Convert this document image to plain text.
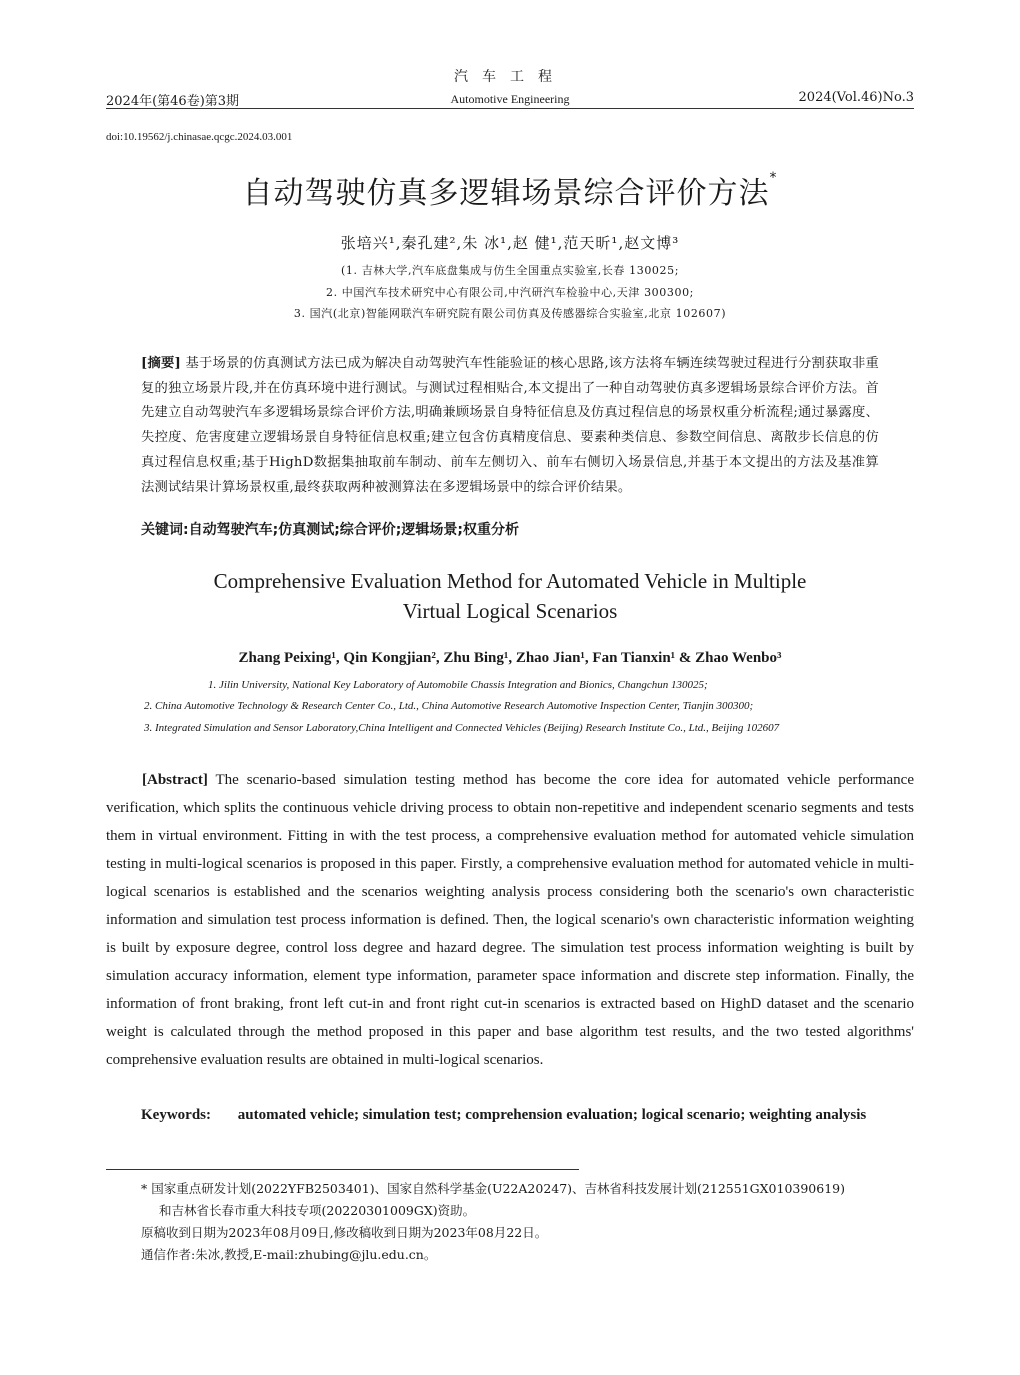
汽车工程
2024年(第46卷)第3期	Automotive Engineering	2024(Vol.46)No.3
doi:10.19562/j.chinasae.qcgc.2024.03.001
自动驾驶仿真多逻辑场景综合评价方法*
张培兴¹,秦孔建²,朱 冰¹,赵 健¹,范天昕¹,赵文博³
(1. 吉林大学,汽车底盘集成与仿生全国重点实验室,长春 130025;
2. 中国汽车技术研究中心有限公司,中汽研汽车检验中心,天津 300300;
3. 国汽(北京)智能网联汽车研究院有限公司仿真及传感器综合实验室,北京 102607)
[摘要] 基于场景的仿真测试方法已成为解决自动驾驶汽车性能验证的核心思路,该方法将车辆连续驾驶过程进行分割获取非重复的独立场景片段,并在仿真环境中进行测试。与测试过程相贴合,本文提出了一种自动驾驶仿真多逻辑场景综合评价方法。首先建立自动驾驶汽车多逻辑场景综合评价方法,明确兼顾场景自身特征信息及仿真过程信息的场景权重分析流程;通过暴露度、失控度、危害度建立逻辑场景自身特征信息权重;建立包含仿真精度信息、要素种类信息、参数空间信息、离散步长信息的仿真过程信息权重;基于HighD数据集抽取前车制动、前车左侧切入、前车右侧切入场景信息,并基于本文提出的方法及基准算法测试结果计算场景权重,最终获取两种被测算法在多逻辑场景中的综合评价结果。
关键词:自动驾驶汽车;仿真测试;综合评价;逻辑场景;权重分析
Comprehensive Evaluation Method for Automated Vehicle in Multiple
Virtual Logical Scenarios
Zhang Peixing¹, Qin Kongjian², Zhu Bing¹, Zhao Jian¹, Fan Tianxin¹ & Zhao Wenbo³
1. Jilin University, National Key Laboratory of Automobile Chassis Integration and Bionics, Changchun 130025;
2. China Automotive Technology & Research Center Co., Ltd., China Automotive Research Automotive Inspection Center, Tianjin 300300;
3. Integrated Simulation and Sensor Laboratory,China Intelligent and Connected Vehicles (Beijing) Research Institute Co., Ltd., Beijing 102607
[Abstract] The scenario-based simulation testing method has become the core idea for automated vehicle performance verification, which splits the continuous vehicle driving process to obtain non-repetitive and independent scenario segments and tests them in virtual environment. Fitting in with the test process, a comprehensive evaluation method for automated vehicle simulation testing in multi-logical scenarios is proposed in this paper. Firstly, a comprehensive evaluation method for automated vehicle in multi-logical scenarios is established and the scenarios weighting analysis process considering both the scenario's own characteristic information and simulation test process information is defined. Then, the logical scenario's own characteristic information weighting is built by exposure degree, control loss degree and hazard degree. The simulation test process information weighting is built by simulation accuracy information, element type information, parameter space information and discrete step information. Finally, the information of front braking, front left cut-in and front right cut-in scenarios is extracted based on HighD dataset and the scenario weight is calculated through the method proposed in this paper and base algorithm test results, and the two tested algorithms' comprehensive evaluation results are obtained in multi-logical scenarios.
Keywords: automated vehicle; simulation test; comprehension evaluation; logical scenario; weighting analysis

* 国家重点研发计划(2022YFB2503401)、国家自然科学基金(U22A20247)、吉林省科技发展计划(212551GX010390619)

和吉林省长春市重大科技专项(20220301009GX)资助。

原稿收到日期为2023年08月09日,修改稿收到日期为2023年08月22日。

通信作者:朱冰,教授,E-mail:zhubing@jlu.edu.cn。
